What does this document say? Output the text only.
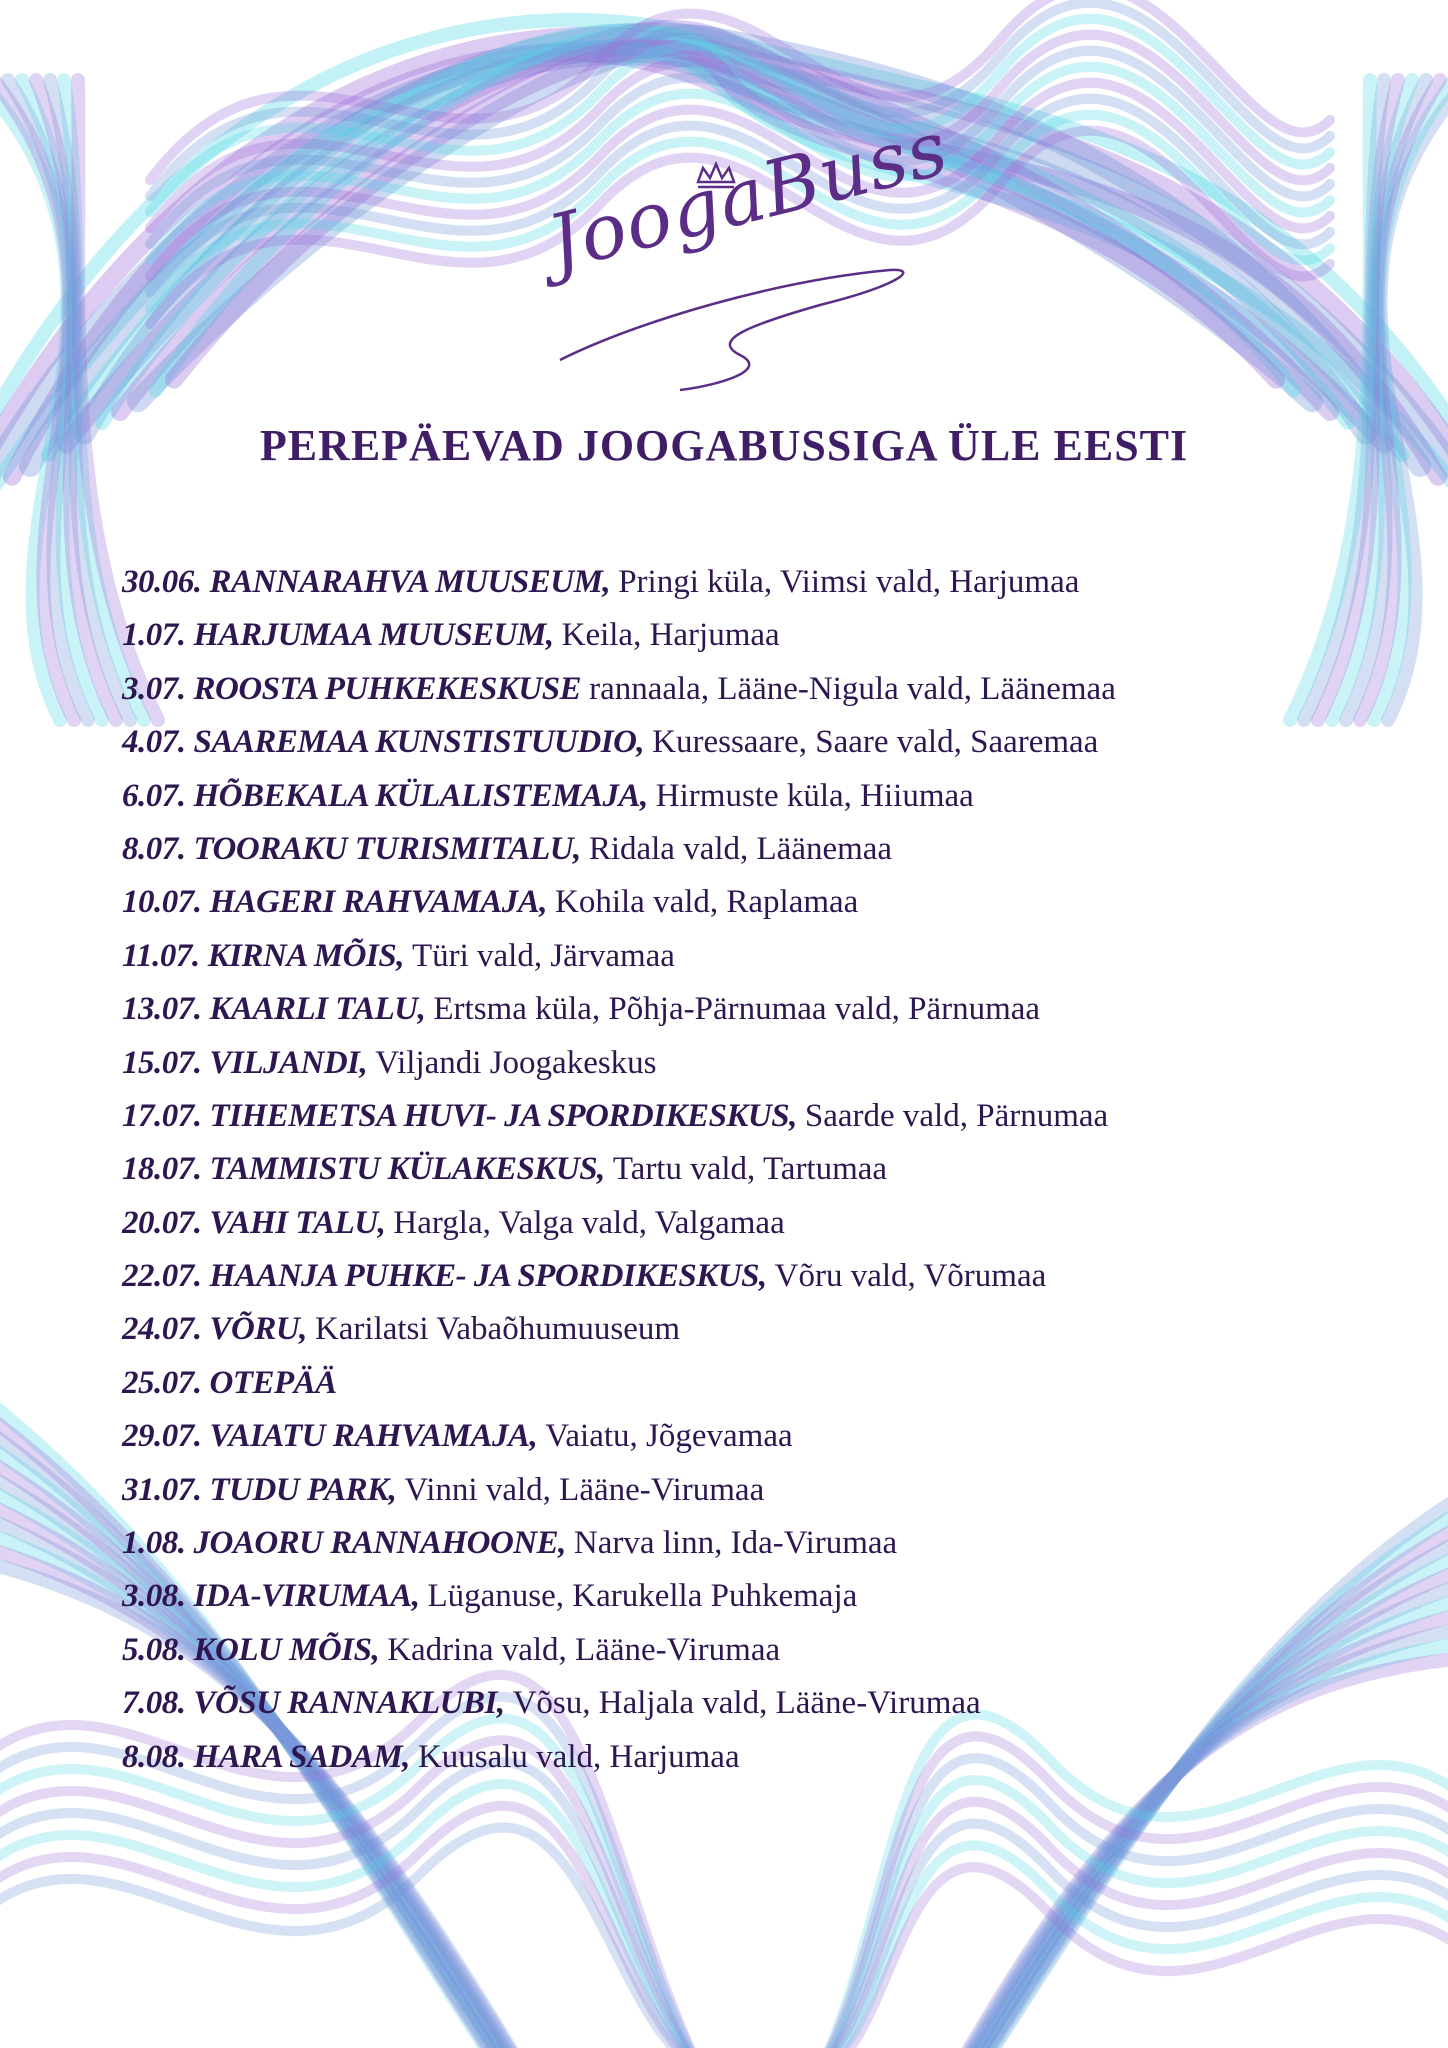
JoogaBuss
PEREPÄEVAD JOOGABUSSIGA ÜLE EESTI
30.06. RANNARAHVA MUUSEUM, Pringi küla, Viimsi vald, Harjumaa
1.07. HARJUMAA MUUSEUM, Keila, Harjumaa
3.07. ROOSTA PUHKEKESKUSE rannaala, Lääne-Nigula vald, Läänemaa
4.07. SAAREMAA KUNSTISTUUDIO, Kuressaare, Saare vald, Saaremaa
6.07. HÕBEKALA KÜLALISTEMAJA, Hirmuste küla, Hiiumaa
8.07. TOORAKU TURISMITALU, Ridala vald, Läänemaa
10.07. HAGERI RAHVAMAJA, Kohila vald, Raplamaa
11.07. KIRNA MÕIS, Türi vald, Järvamaa
13.07. KAARLI TALU, Ertsma küla, Põhja-Pärnumaa vald, Pärnumaa
15.07. VILJANDI, Viljandi Joogakeskus
17.07. TIHEMETSA HUVI- JA SPORDIKESKUS, Saarde vald, Pärnumaa
18.07. TAMMISTU KÜLAKESKUS, Tartu vald, Tartumaa
20.07. VAHI TALU, Hargla, Valga vald, Valgamaa
22.07. HAANJA PUHKE- JA SPORDIKESKUS, Võru vald, Võrumaa
24.07. VÕRU, Karilatsi Vabaõhumuuseum
25.07. OTEPÄÄ
29.07. VAIATU RAHVAMAJA, Vaiatu, Jõgevamaa
31.07. TUDU PARK, Vinni vald, Lääne-Virumaa
1.08. JOAORU RANNAHOONE, Narva linn, Ida-Virumaa
3.08. IDA-VIRUMAA, Lüganuse, Karukella Puhkemaja
5.08. KOLU MÕIS, Kadrina vald, Lääne-Virumaa
7.08. VÕSU RANNAKLUBI, Võsu, Haljala vald, Lääne-Virumaa
8.08. HARA SADAM, Kuusalu vald, Harjumaa
